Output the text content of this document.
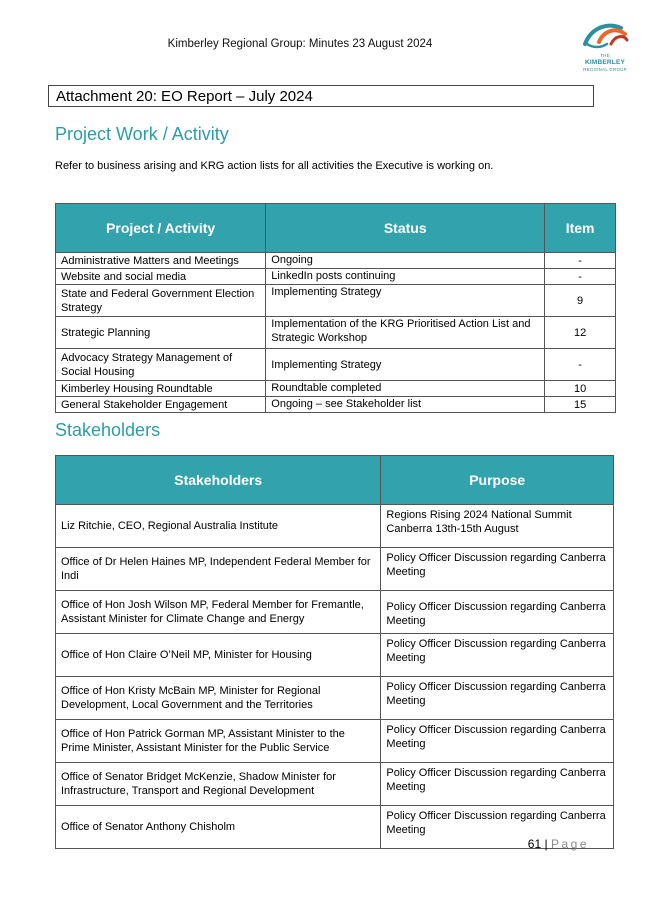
Kimberley Regional Group: Minutes 23 August 2024
THE
KIMBERLEY

REGIONAL GROUP
Attachment 20: EO Report – July 2024
Project Work / Activity

Refer to business arising and KRG action lists for all activities the Executive is working on.

Project / Activity	Status	Item
Administrative Matters and Meetings	Ongoing	-
Website and social media	LinkedIn posts continuing	-
State and Federal Government Election Strategy	Implementing Strategy	9
Strategic Planning	Implementation of the KRG Prioritised Action List and Strategic Workshop	12
Advocacy Strategy Management of Social Housing	Implementing Strategy	-
Kimberley Housing Roundtable	Roundtable completed	10
General Stakeholder Engagement	Ongoing – see Stakeholder list	15
Stakeholders
Stakeholders	Purpose
Liz Ritchie, CEO, Regional Australia Institute	Regions Rising 2024 National Summit Canberra 13th-15th August
Office of Dr Helen Haines MP, Independent Federal Member for Indi	Policy Officer Discussion regarding Canberra Meeting
Office of Hon Josh Wilson MP, Federal Member for Fremantle, Assistant Minister for Climate Change and Energy	Policy Officer Discussion regarding Canberra Meeting
Office of Hon Claire O’Neil MP, Minister for Housing	Policy Officer Discussion regarding Canberra Meeting
Office of Hon Kristy McBain MP, Minister for Regional Development, Local Government and the Territories	Policy Officer Discussion regarding Canberra Meeting
Office of Hon Patrick Gorman MP, Assistant Minister to the Prime Minister, Assistant Minister for the Public Service	Policy Officer Discussion regarding Canberra Meeting
Office of Senator Bridget McKenzie, Shadow Minister for Infrastructure, Transport and Regional Development	Policy Officer Discussion regarding Canberra Meeting
Office of Senator Anthony Chisholm	Policy Officer Discussion regarding Canberra Meeting
61 | Page
